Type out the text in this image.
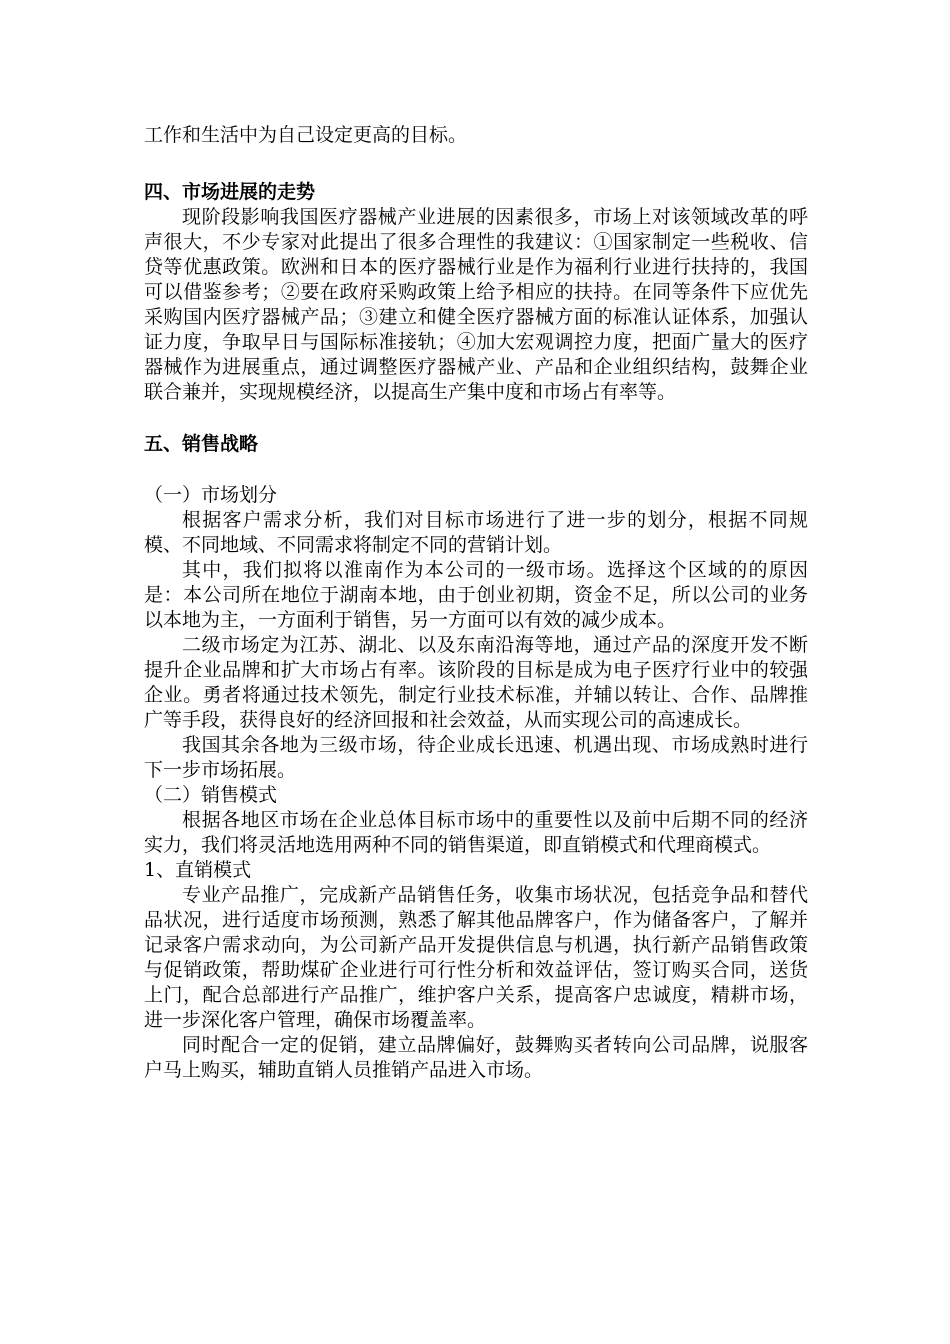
工作和生活中为自己设定更高的目标。

四、市场进展的走势

现阶段影响我国医疗器械产业进展的因素很多，市场上对该领域改革的呼声很大，不少专家对此提出了很多合理性的我建议：①国家制定一些税收、信贷等优惠政策。欧洲和日本的医疗器械行业是作为福利行业进行扶持的，我国可以借鉴参考；②要在政府采购政策上给予相应的扶持。在同等条件下应优先采购国内医疗器械产品；③建立和健全医疗器械方面的标准认证体系，加强认证力度，争取早日与国际标准接轨；④加大宏观调控力度，把面广量大的医疗器械作为进展重点，通过调整医疗器械产业、产品和企业组织结构，鼓舞企业联合兼并，实现规模经济，以提高生产集中度和市场占有率等。

五、销售战略

（一）市场划分

根据客户需求分析，我们对目标市场进行了进一步的划分，根据不同规模、不同地域、不同需求将制定不同的营销计划。

其中，我们拟将以淮南作为本公司的一级市场。选择这个区域的的原因是：本公司所在地位于湖南本地，由于创业初期，资金不足，所以公司的业务以本地为主，一方面利于销售，另一方面可以有效的减少成本。

二级市场定为江苏、湖北、以及东南沿海等地，通过产品的深度开发不断提升企业品牌和扩大市场占有率。该阶段的目标是成为电子医疗行业中的较强企业。勇者将通过技术领先，制定行业技术标准，并辅以转让、合作、品牌推广等手段，获得良好的经济回报和社会效益，从而实现公司的高速成长。

我国其余各地为三级市场，待企业成长迅速、机遇出现、市场成熟时进行下一步市场拓展。

（二）销售模式

根据各地区市场在企业总体目标市场中的重要性以及前中后期不同的经济实力，我们将灵活地选用两种不同的销售渠道，即直销模式和代理商模式。

1、直销模式

专业产品推广，完成新产品销售任务，收集市场状况，包括竞争品和替代品状况，进行适度市场预测，熟悉了解其他品牌客户，作为储备客户，了解并记录客户需求动向，为公司新产品开发提供信息与机遇，执行新产品销售政策与促销政策，帮助煤矿企业进行可行性分析和效益评估，签订购买合同，送货上门，配合总部进行产品推广，维护客户关系，提高客户忠诚度，精耕市场，进一步深化客户管理，确保市场覆盖率。

同时配合一定的促销，建立品牌偏好，鼓舞购买者转向公司品牌，说服客户马上购买，辅助直销人员推销产品进入市场。
